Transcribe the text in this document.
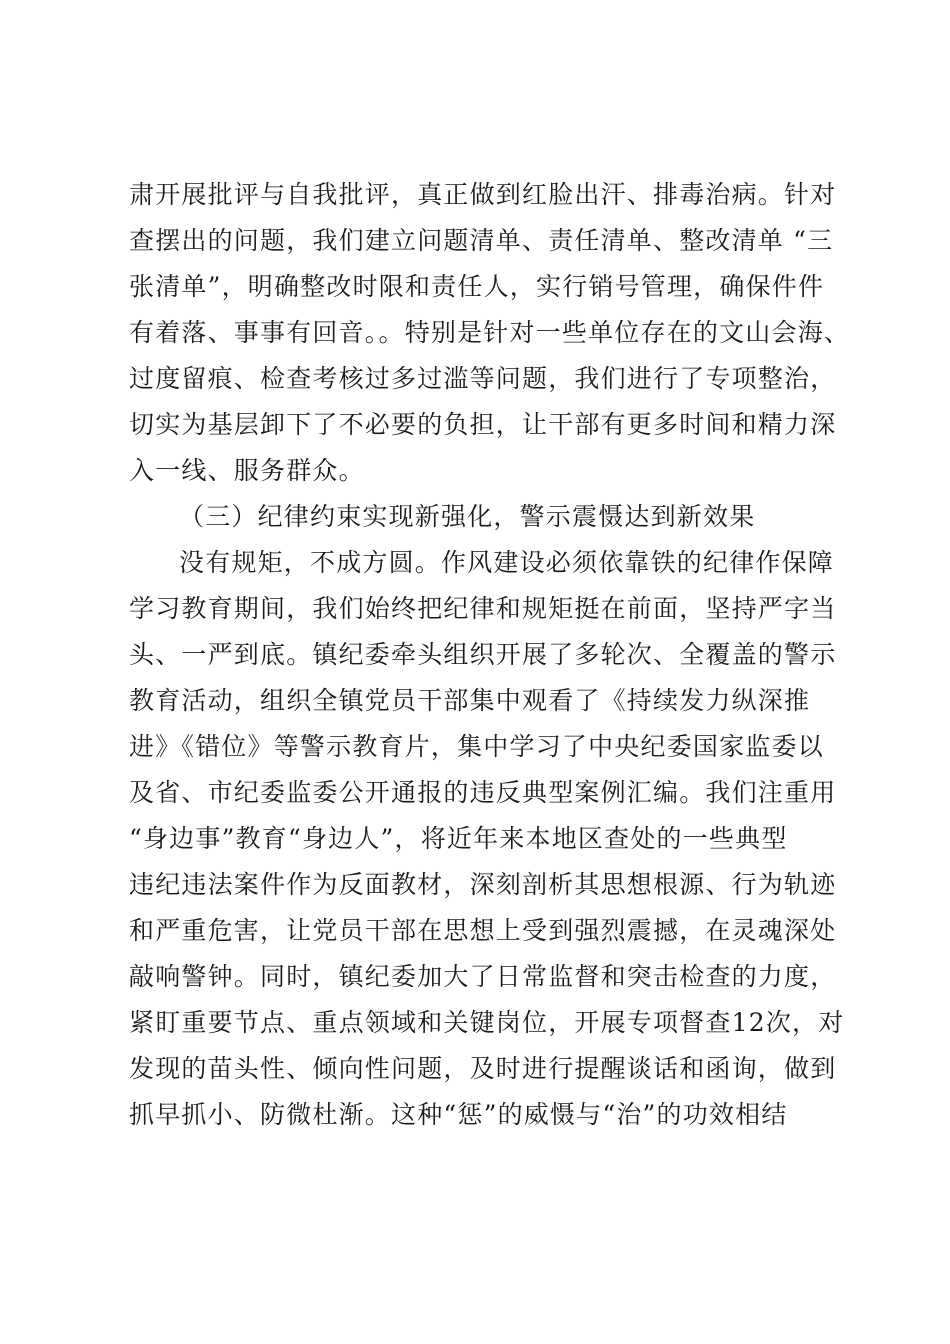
肃开展批评与自我批评，真正做到红脸出汗、排毒治病。针对
查摆出的问题，我们建立问题清单、责任清单、整改清单 “三
张清单”，明确整改时限和责任人，实行销号管理，确保件件
有着落、事事有回音。。特别是针对一些单位存在的文山会海、
过度留痕、检查考核过多过滥等问题，我们进行了专项整治，
切实为基层卸下了不必要的负担，让干部有更多时间和精力深
入一线、服务群众。
（三）纪律约束实现新强化，警示震慑达到新效果
没有规矩，不成方圆。作风建设必须依靠铁的纪律作保障
学习教育期间，我们始终把纪律和规矩挺在前面，坚持严字当
头、一严到底。镇纪委牵头组织开展了多轮次、全覆盖的警示
教育活动，组织全镇党员干部集中观看了《持续发力纵深推
进》《错位》等警示教育片，集中学习了中央纪委国家监委以
及省、市纪委监委公开通报的违反典型案例汇编。我们注重用
“身边事”教育“身边人”，将近年来本地区查处的一些典型
违纪违法案件作为反面教材，深刻剖析其思想根源、行为轨迹
和严重危害，让党员干部在思想上受到强烈震撼，在灵魂深处
敲响警钟。同时，镇纪委加大了日常监督和突击检查的力度，
紧盯重要节点、重点领域和关键岗位，开展专项督查12次，对
发现的苗头性、倾向性问题，及时进行提醒谈话和函询，做到
抓早抓小、防微杜渐。这种“惩”的威慑与“治”的功效相结
